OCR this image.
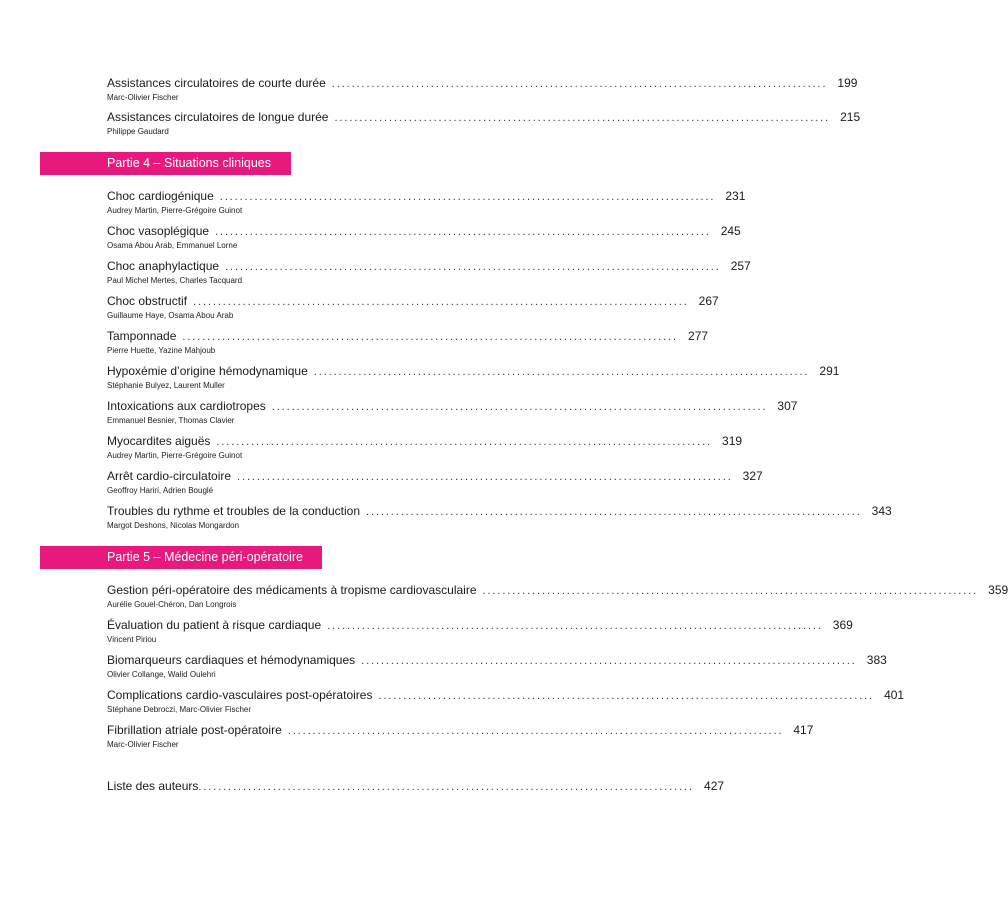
Assistances circulatoires de courte durée .................................................................................................... 199
Marc-Olivier Fischer
Assistances circulatoires de longue durée .................................................................................................... 215
Philippe Gaudard
Partie 4 – Situations cliniques
Choc cardiogénique .................................................................................................... 231
Audrey Martin, Pierre-Grégoire Guinot
Choc vasoplégique .................................................................................................... 245
Osama Abou Arab, Emmanuel Lorne
Choc anaphylactique .................................................................................................... 257
Paul Michel Mertes, Charles Tacquard
Choc obstructif .................................................................................................... 267
Guillaume Haye, Osama Abou Arab
Tamponnade .................................................................................................... 277
Pierre Huette, Yazine Mahjoub
Hypoxémie d’origine hémodynamique .................................................................................................... 291
Stéphanie Bulyez, Laurent Muller
Intoxications aux cardiotropes .................................................................................................... 307
Emmanuel Besnier, Thomas Clavier
Myocardites aiguës .................................................................................................... 319
Audrey Martin, Pierre-Grégoire Guinot
Arrêt cardio-circulatoire .................................................................................................... 327
Geoffroy Hariri, Adrien Bouglé
Troubles du rythme et troubles de la conduction .................................................................................................... 343
Margot Deshons, Nicolas Mongardon
Partie 5 – Médecine péri-opératoire
Gestion péri-opératoire des médicaments à tropisme cardiovasculaire .................................................................................................... 359
Aurélie Gouel-Chéron, Dan Longrois
Évaluation du patient à risque cardiaque .................................................................................................... 369
Vincent Piriou
Biomarqueurs cardiaques et hémodynamiques .................................................................................................... 383
Olivier Collange, Walid Oulehri
Complications cardio-vasculaires post-opératoires .................................................................................................... 401
Stéphane Debroczi, Marc-Olivier Fischer
Fibrillation atriale post-opératoire .................................................................................................... 417
Marc-Olivier Fischer
Liste des auteurs .................................................................................................... 427
